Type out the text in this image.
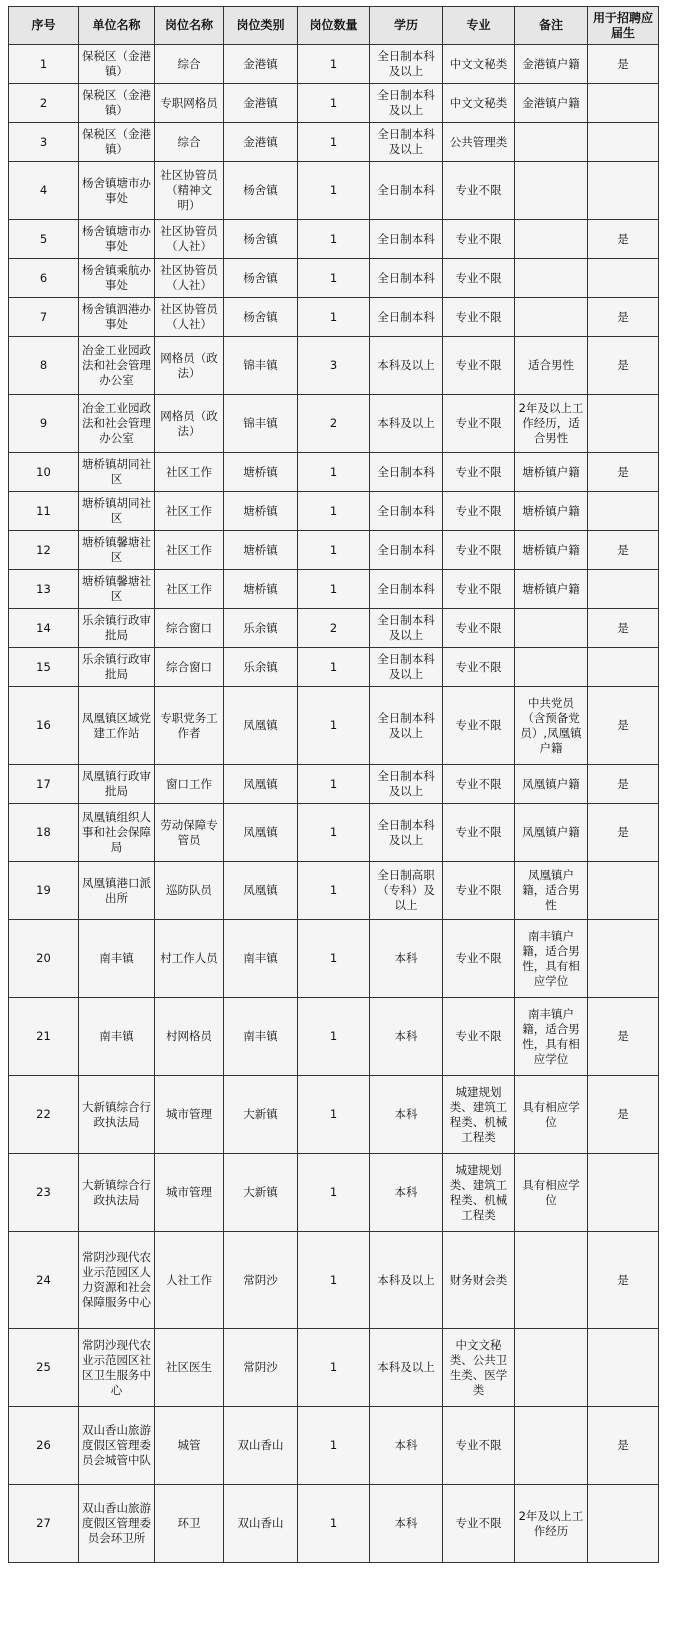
序号	单位名称	岗位名称	岗位类别	岗位数量	学历	专业	备注	用于招聘应届生
1	保税区（金港镇）	综合	金港镇	1	全日制本科及以上	中文文秘类	金港镇户籍	是
2	保税区（金港镇）	专职网格员	金港镇	1	全日制本科及以上	中文文秘类	金港镇户籍	
3	保税区（金港镇）	综合	金港镇	1	全日制本科及以上	公共管理类		
4	杨舍镇塘市办事处	社区协管员（精神文明）	杨舍镇	1	全日制本科	专业不限		
5	杨舍镇塘市办事处	社区协管员（人社）	杨舍镇	1	全日制本科	专业不限		是
6	杨舍镇乘航办事处	社区协管员（人社）	杨舍镇	1	全日制本科	专业不限		
7	杨舍镇泗港办事处	社区协管员（人社）	杨舍镇	1	全日制本科	专业不限		是
8	冶金工业园政法和社会管理办公室	网格员（政法）	锦丰镇	3	本科及以上	专业不限	适合男性	是
9	冶金工业园政法和社会管理办公室	网格员（政法）	锦丰镇	2	本科及以上	专业不限	2年及以上工作经历，适合男性	
10	塘桥镇胡同社区	社区工作	塘桥镇	1	全日制本科	专业不限	塘桥镇户籍	是
11	塘桥镇胡同社区	社区工作	塘桥镇	1	全日制本科	专业不限	塘桥镇户籍	
12	塘桥镇馨塘社区	社区工作	塘桥镇	1	全日制本科	专业不限	塘桥镇户籍	是
13	塘桥镇馨塘社区	社区工作	塘桥镇	1	全日制本科	专业不限	塘桥镇户籍	
14	乐余镇行政审批局	综合窗口	乐余镇	2	全日制本科及以上	专业不限		是
15	乐余镇行政审批局	综合窗口	乐余镇	1	全日制本科及以上	专业不限		
16	凤凰镇区域党建工作站	专职党务工作者	凤凰镇	1	全日制本科及以上	专业不限	中共党员（含预备党员）,凤凰镇户籍	是
17	凤凰镇行政审批局	窗口工作	凤凰镇	1	全日制本科及以上	专业不限	凤凰镇户籍	是
18	凤凰镇组织人事和社会保障局	劳动保障专管员	凤凰镇	1	全日制本科及以上	专业不限	凤凰镇户籍	是
19	凤凰镇港口派出所	巡防队员	凤凰镇	1	全日制高职（专科）及以上	专业不限	凤凰镇户籍，适合男性	
20	南丰镇	村工作人员	南丰镇	1	本科	专业不限	南丰镇户籍，适合男性，具有相应学位	
21	南丰镇	村网格员	南丰镇	1	本科	专业不限	南丰镇户籍，适合男性，具有相应学位	是
22	大新镇综合行政执法局	城市管理	大新镇	1	本科	城建规划类、建筑工程类、机械工程类	具有相应学位	是
23	大新镇综合行政执法局	城市管理	大新镇	1	本科	城建规划类、建筑工程类、机械工程类	具有相应学位	
24	常阴沙现代农业示范园区人力资源和社会保障服务中心	人社工作	常阴沙	1	本科及以上	财务财会类		是
25	常阴沙现代农业示范园区社区卫生服务中心	社区医生	常阴沙	1	本科及以上	中文文秘类、公共卫生类、医学类		
26	双山香山旅游度假区管理委员会城管中队	城管	双山香山	1	本科	专业不限		是
27	双山香山旅游度假区管理委员会环卫所	环卫	双山香山	1	本科	专业不限	2年及以上工作经历	
